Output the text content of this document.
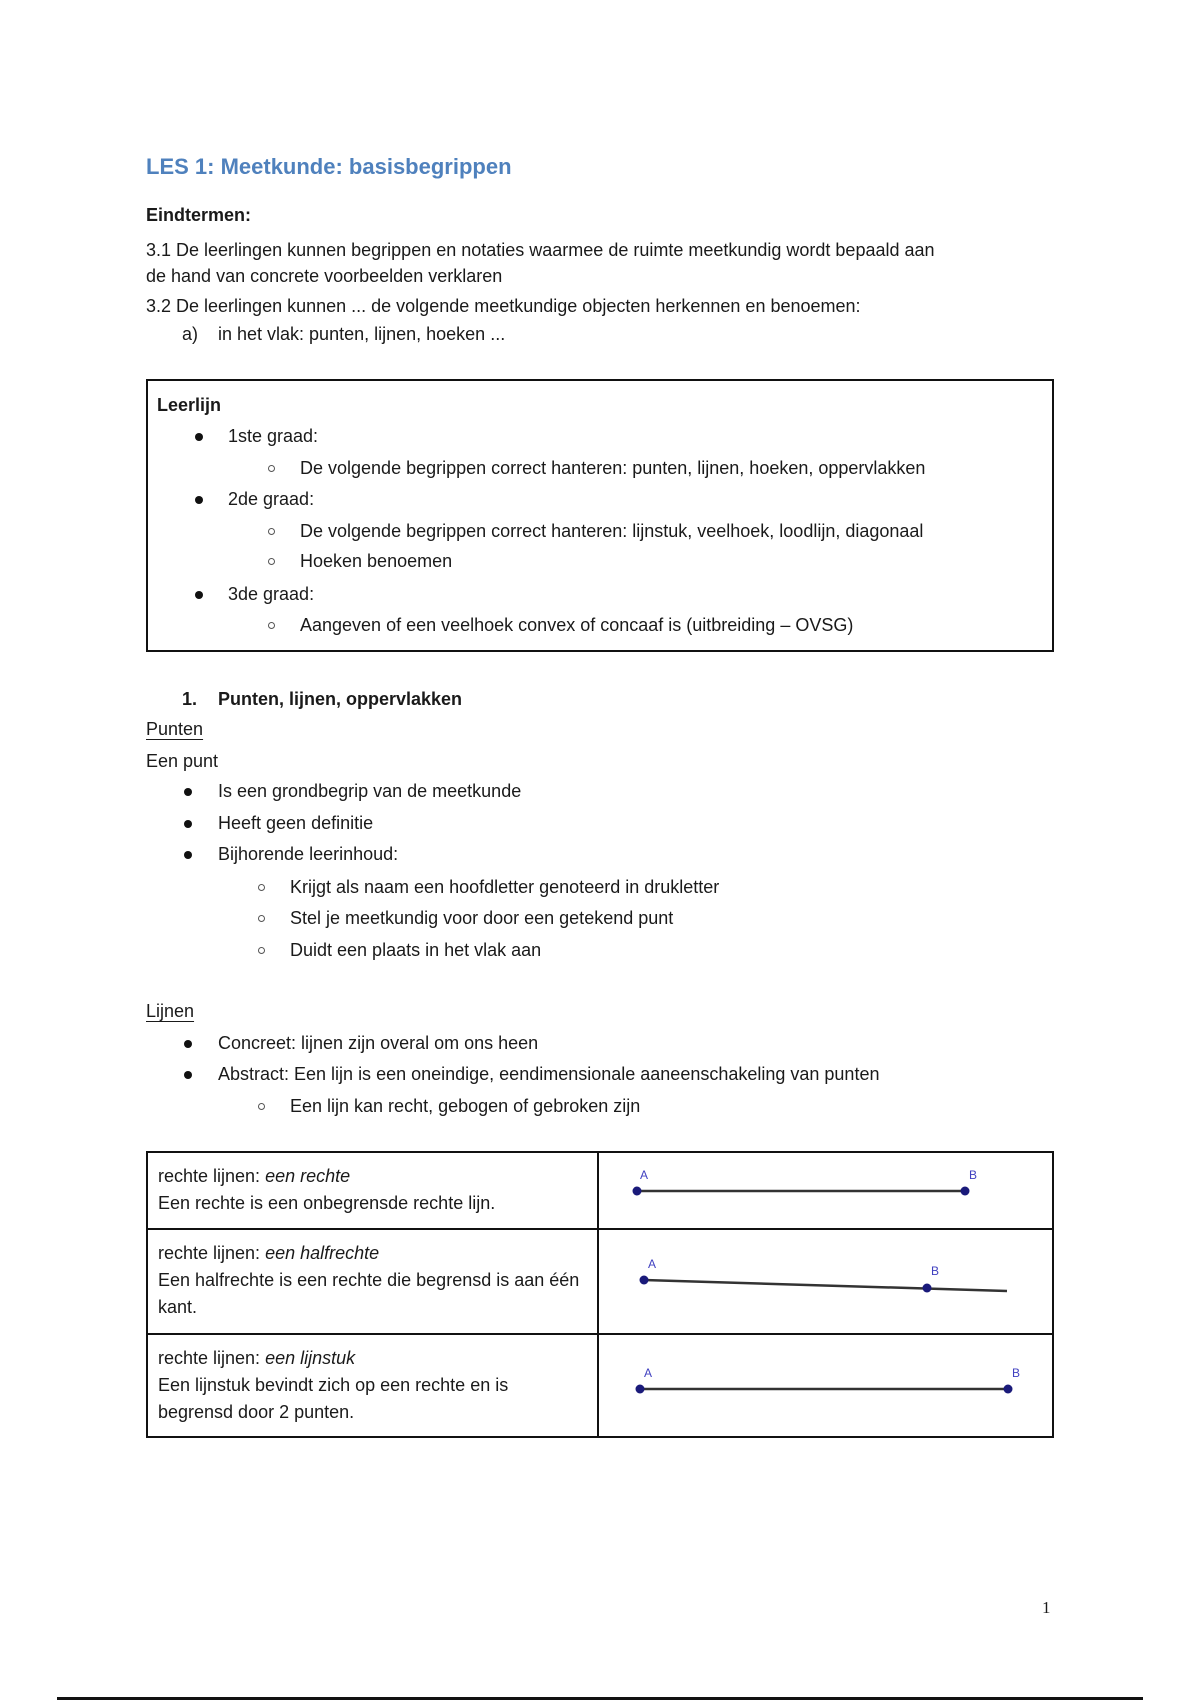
LES 1: Meetkunde: basisbegrippen
Eindtermen:
3.1 De leerlingen kunnen begrippen en notaties waarmee de ruimte meetkundig wordt bepaald aan
de hand van concrete voorbeelden verklaren
3.2 De leerlingen kunnen ... de volgende meetkundige objecten herkennen en benoemen:
a) in het vlak: punten, lijnen, hoeken ...
Leerlijn
1ste graad:
De volgende begrippen correct hanteren: punten, lijnen, hoeken, oppervlakken
2de graad:
De volgende begrippen correct hanteren: lijnstuk, veelhoek, loodlijn, diagonaal
Hoeken benoemen
3de graad:
Aangeven of een veelhoek convex of concaaf is (uitbreiding – OVSG)
1. Punten, lijnen, oppervlakken
Punten
Een punt
Is een grondbegrip van de meetkunde
Heeft geen definitie
Bijhorende leerinhoud:
Krijgt als naam een hoofdletter genoteerd in drukletter
Stel je meetkundig voor door een getekend punt
Duidt een plaats in het vlak aan
Lijnen
Concreet: lijnen zijn overal om ons heen
Abstract: Een lijn is een oneindige, eendimensionale aaneenschakeling van punten
Een lijn kan recht, gebogen of gebroken zijn
rechte lijnen: een rechte
Een rechte is een onbegrensde rechte lijn.
A	B
rechte lijnen: een halfrechte
Een halfrechte is een rechte die begrensd is aan één kant.
A	B
rechte lijnen: een lijnstuk
Een lijnstuk bevindt zich op een rechte en is begrensd door 2 punten.
A	B
1
